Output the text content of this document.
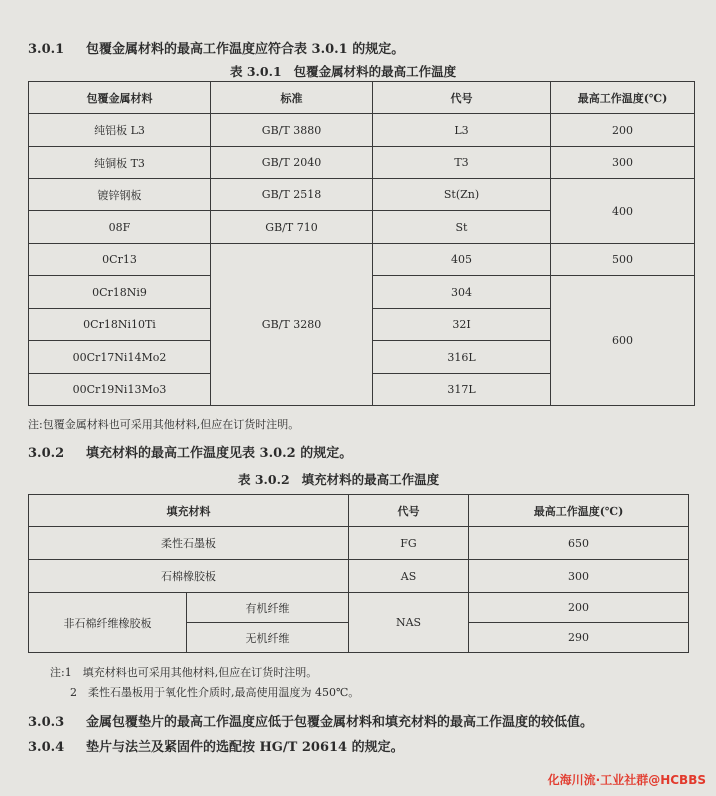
3.0.1 包覆金属材料的最高工作温度应符合表 3.0.1 的规定。
表 3.0.1 包覆金属材料的最高工作温度
包覆金属材料	标准	代号	最高工作温度(℃)
纯铝板 L3	GB/T 3880	L3	200
纯铜板 T3	GB/T 2040	T3	300
镀锌钢板	GB/T 2518	St(Zn)	400
08F	GB/T 710	St	
0Cr13	GB/T 3280	405	500
0Cr18Ni9		304	600
0Cr18Ni10Ti		32I	
00Cr17Ni14Mo2		316L	
00Cr19Ni13Mo3		317L	
注:包覆金属材料也可采用其他材料,但应在订货时注明。
3.0.2 填充材料的最高工作温度见表 3.0.2 的规定。
表 3.0.2 填充材料的最高工作温度
填充材料		代号	最高工作温度(℃)
柔性石墨板		FG	650
石棉橡胶板		AS	300
非石棉纤维橡胶板	有机纤维	NAS	200
	无机纤维		290
注:1　填充材料也可采用其他材料,但应在订货时注明。
2　柔性石墨板用于氧化性介质时,最高使用温度为 450℃。
3.0.3 金属包覆垫片的最高工作温度应低于包覆金属材料和填充材料的最高工作温度的较低值。
3.0.4 垫片与法兰及紧固件的选配按 HG/T 20614 的规定。
化海川流·工业社群@HCBBS
